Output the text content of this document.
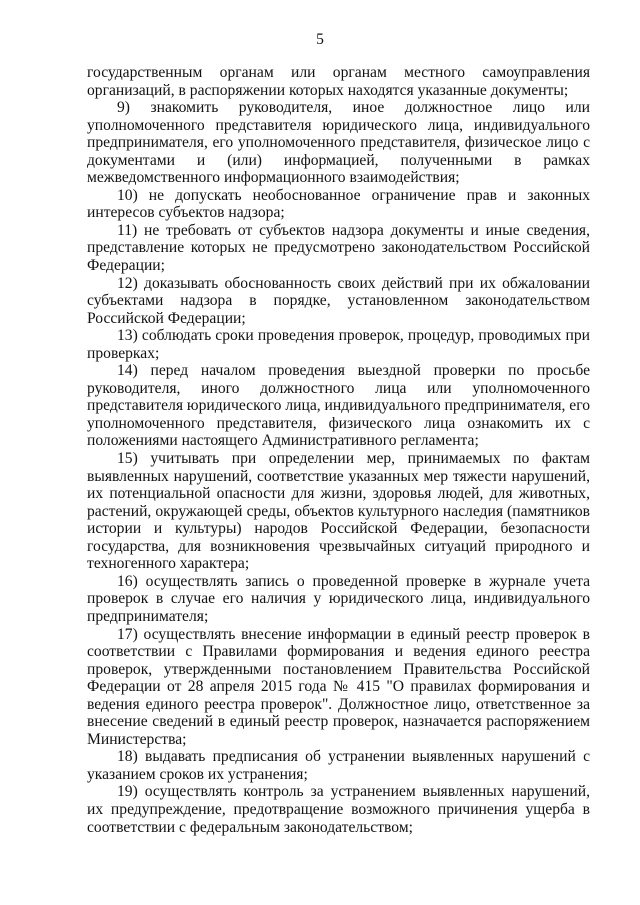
5

государственным органам или органам местного самоуправления организаций, в распоряжении которых находятся указанные документы;

9) знакомить руководителя, иное должностное лицо или уполномоченного представителя юридического лица, индивидуального предпринимателя, его уполномоченного представителя, физическое лицо с документами и (или) информацией, полученными в рамках межведомственного информационного взаимодействия;

10) не допускать необоснованное ограничение прав и законных интересов субъектов надзора;

11) не требовать от субъектов надзора документы и иные сведения, представление которых не предусмотрено законодательством Российской Федерации;

12) доказывать обоснованность своих действий при их обжаловании субъектами надзора в порядке, установленном законодательством Российской Федерации;

13) соблюдать сроки проведения проверок, процедур, проводимых при проверках;

14) перед началом проведения выездной проверки по просьбе руководителя, иного должностного лица или уполномоченного представителя юридического лица, индивидуального предпринимателя, его уполномоченного представителя, физического лица ознакомить их с положениями настоящего Административного регламента;

15) учитывать при определении мер, принимаемых по фактам выявленных нарушений, соответствие указанных мер тяжести нарушений, их потенциальной опасности для жизни, здоровья людей, для животных, растений, окружающей среды, объектов культурного наследия (памятников истории и культуры) народов Российской Федерации, безопасности государства, для возникновения чрезвычайных ситуаций природного и техногенного характера;

16) осуществлять запись о проведенной проверке в журнале учета проверок в случае его наличия у юридического лица, индивидуального предпринимателя;

17) осуществлять внесение информации в единый реестр проверок в соответствии с Правилами формирования и ведения единого реестра проверок, утвержденными постановлением Правительства Российской Федерации от 28 апреля 2015 года № 415 "О правилах формирования и ведения единого реестра проверок". Должностное лицо, ответственное за внесение сведений в единый реестр проверок, назначается распоряжением Министерства;

18) выдавать предписания об устранении выявленных нарушений с указанием сроков их устранения;

19) осуществлять контроль за устранением выявленных нарушений, их предупреждение, предотвращение возможного причинения ущерба в соответствии с федеральным законодательством;
